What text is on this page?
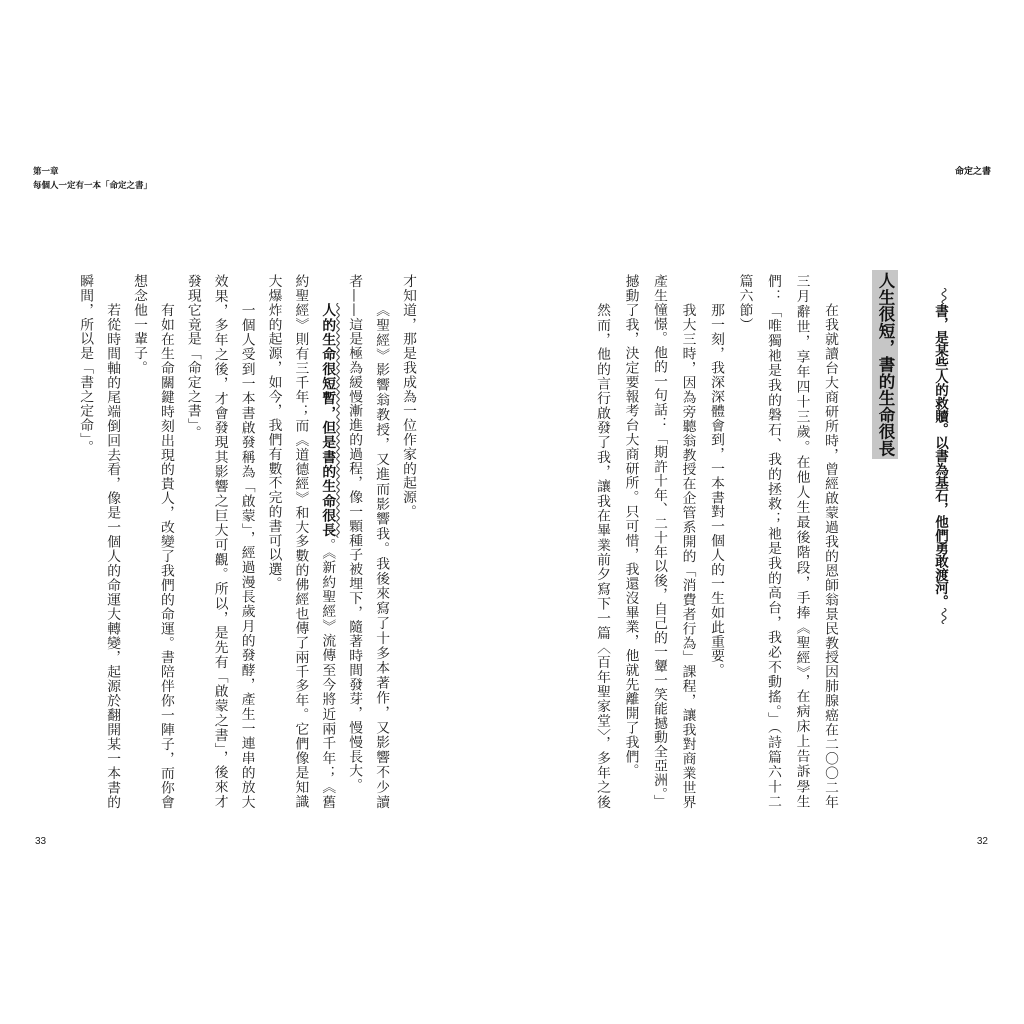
第一章
每個人一定有一本「命定之書」
才知道，那是我成為一位作家的起源。
《聖經》影響翁教授，又進而影響我。我後來寫了十多本著作，又影響不少讀
者——這是極為緩慢漸進的過程，像一顆種子被埋下，隨著時間發芽，慢慢長大。
人的生命很短暫，但是書的生命很長。《新約聖經》流傳至今將近兩千年；《舊
約聖經》則有三千年；而《道德經》和大多數的佛經也傳了兩千多年。它們像是知識
大爆炸的起源，如今，我們有數不完的書可以選。
一個人受到一本書啟發稱為「啟蒙」，經過漫長歲月的發酵，產生一連串的放大
效果，多年之後，才會發現其影響之巨大可觀。所以，是先有「啟蒙之書」，後來才
發現它竟是「命定之書」。
有如在生命關鍵時刻出現的貴人，改變了我們的命運。書陪伴你一陣子，而你會
想念他一輩子。
若從時間軸的尾端倒回去看，像是一個人的命運大轉變，起源於翻開某一本書的
瞬間，所以是「書之定命」。
33
命定之書
書，是某些人的救贖。以書為基石，他們勇敢渡河。
人生很短，書的生命很長
在我就讀台大商研所時，曾經啟蒙過我的恩師翁景民教授因肺腺癌在二〇〇二年
三月辭世，享年四十三歲。在他人生最後階段，手捧《聖經》，在病床上告訴學生
們：「唯獨祂是我的磐石、我的拯救；祂是我的高台，我必不動搖。」（詩篇六十二
篇六節）
那一刻，我深深體會到，一本書對一個人的一生如此重要。
我大三時，因為旁聽翁教授在企管系開的「消費者行為」課程，讓我對商業世界
產生憧憬。他的一句話：「期許十年、二十年以後，自己的一顰一笑能撼動全亞洲。」
撼動了我，決定要報考台大商研所。只可惜，我還沒畢業，他就先離開了我們。
然而，他的言行啟發了我，讓我在畢業前夕寫下一篇〈百年聖家堂〉，多年之後
32
